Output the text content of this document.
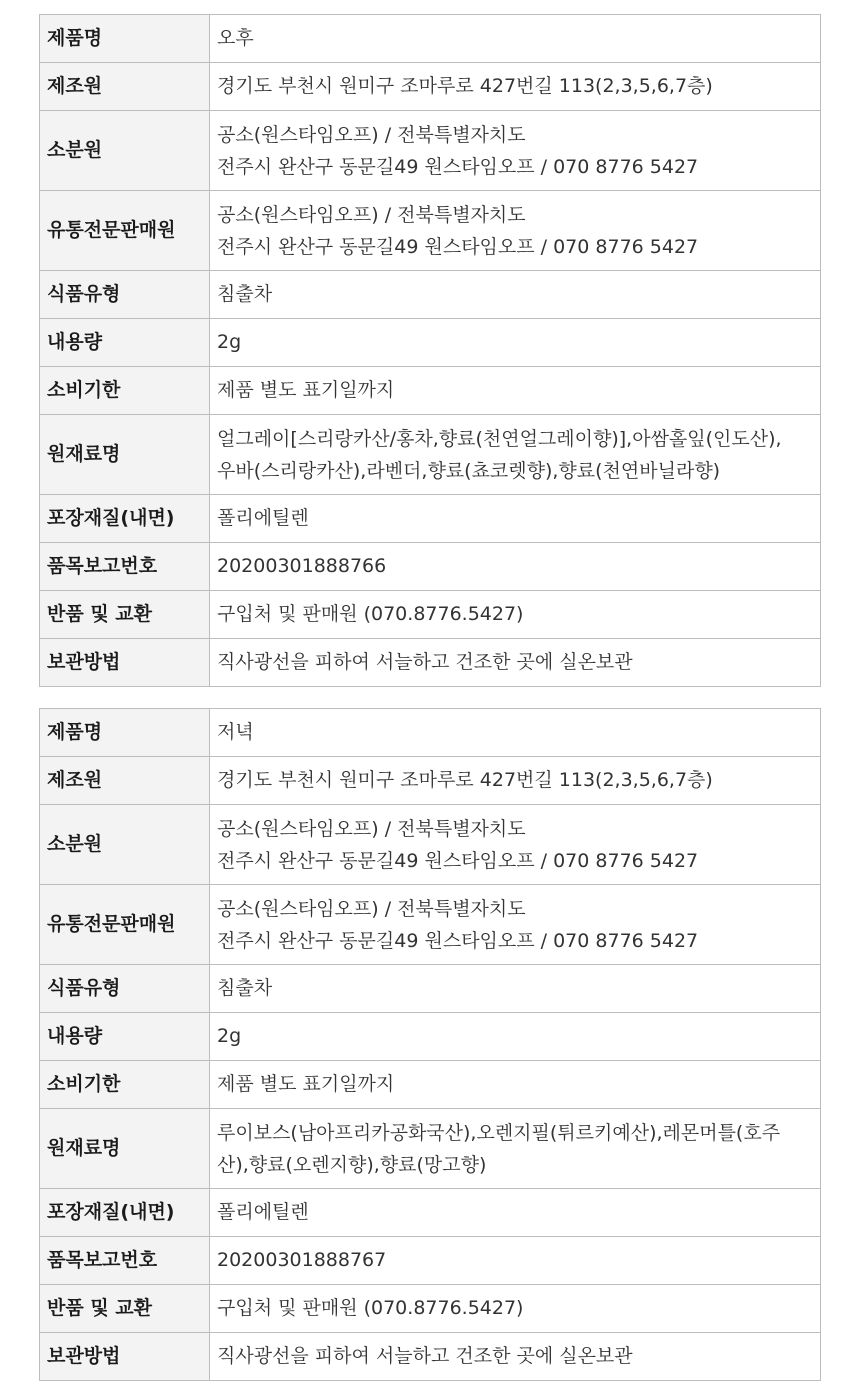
제품명	오후
제조원	경기도 부천시 원미구 조마루로 427번길 113(2,3,5,6,7층)
소분원	공소(원스타임오프) / 전북특별자치도
전주시 완산구 동문길49 원스타임오프 / 070 8776 5427

유통전문판매원	공소(원스타임오프) / 전북특별자치도
전주시 완산구 동문길49 원스타임오프 / 070 8776 5427

식품유형	침출차
내용량	2g
소비기한	제품 별도 표기일까지
원재료명	얼그레이[스리랑카산/홍차,향료(천연얼그레이향)],아쌈홀잎(인도산),
우바(스리랑카산),라벤더,향료(쵸코렛향),향료(천연바닐라향)

포장재질(내면)	폴리에틸렌
품목보고번호	20200301888766
반품 및 교환	구입처 및 판매원 (070.8776.5427)
보관방법	직사광선을 피하여 서늘하고 건조한 곳에 실온보관
제품명	저녁
제조원	경기도 부천시 원미구 조마루로 427번길 113(2,3,5,6,7층)
소분원	공소(원스타임오프) / 전북특별자치도
전주시 완산구 동문길49 원스타임오프 / 070 8776 5427

유통전문판매원	공소(원스타임오프) / 전북특별자치도
전주시 완산구 동문길49 원스타임오프 / 070 8776 5427

식품유형	침출차
내용량	2g
소비기한	제품 별도 표기일까지
원재료명	루이보스(남아프리카공화국산),오렌지필(튀르키예산),레몬머틀(호주
산),향료(오렌지향),향료(망고향)

포장재질(내면)	폴리에틸렌
품목보고번호	20200301888767
반품 및 교환	구입처 및 판매원 (070.8776.5427)
보관방법	직사광선을 피하여 서늘하고 건조한 곳에 실온보관
